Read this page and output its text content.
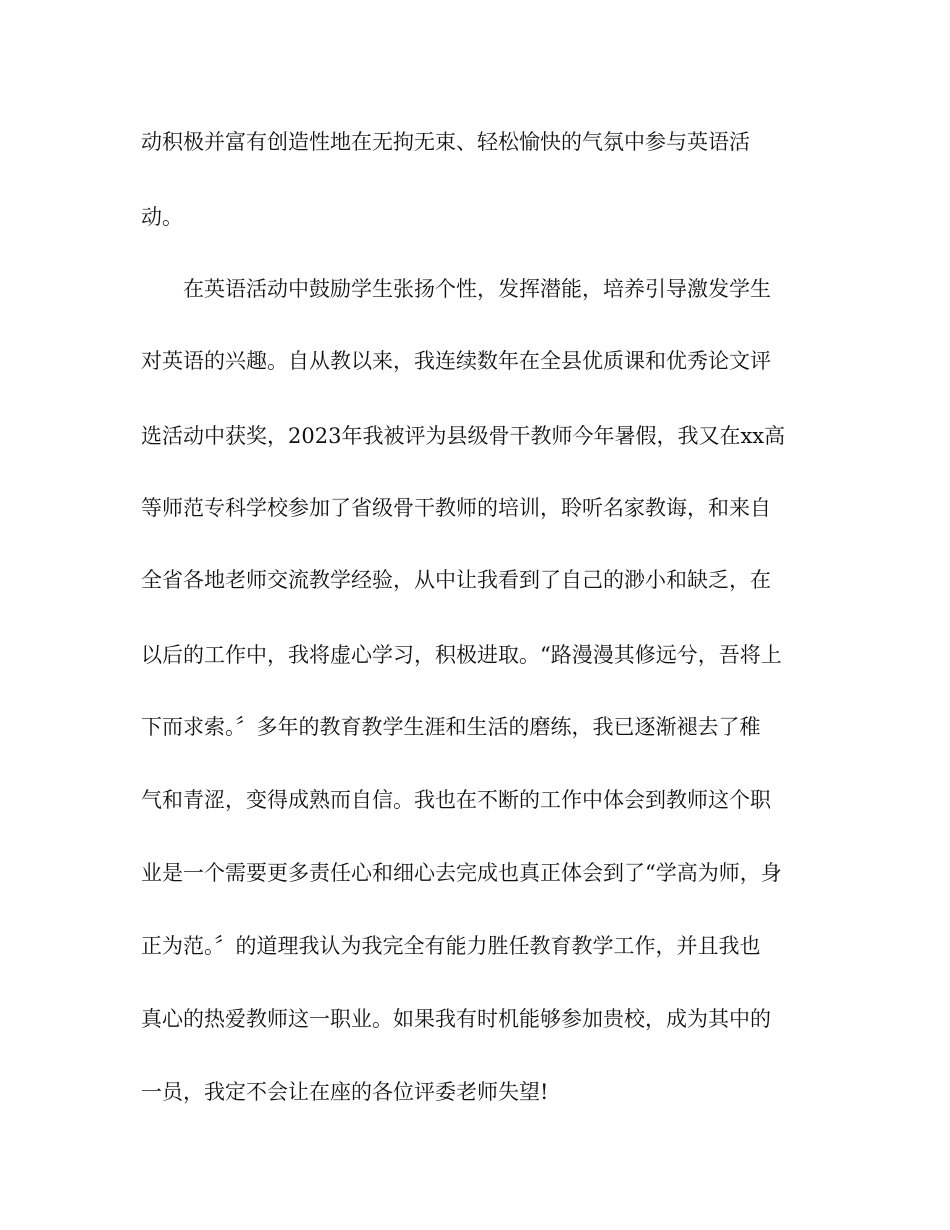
动积极并富有创造性地在无拘无束、轻松愉快的气氛中参与英语活

动。

在英语活动中鼓励学生张扬个性，发挥潜能，培养引导激发学生

对英语的兴趣。自从教以来，我连续数年在全县优质课和优秀论文评

选活动中获奖，2023年我被评为县级骨干教师今年暑假，我又在xx高

等师范专科学校参加了省级骨干教师的培训，聆听名家教诲，和来自

全省各地老师交流教学经验，从中让我看到了自己的渺小和缺乏，在

以后的工作中，我将虚心学习，积极进取。“路漫漫其修远兮，吾将上

下而求索。〞多年的教育教学生涯和生活的磨练，我已逐渐褪去了稚

气和青涩，变得成熟而自信。我也在不断的工作中体会到教师这个职

业是一个需要更多责任心和细心去完成也真正体会到了“学高为师，身

正为范。〞的道理我认为我完全有能力胜任教育教学工作，并且我也

真心的热爱教师这一职业。如果我有时机能够参加贵校，成为其中的

一员，我定不会让在座的各位评委老师失望!
